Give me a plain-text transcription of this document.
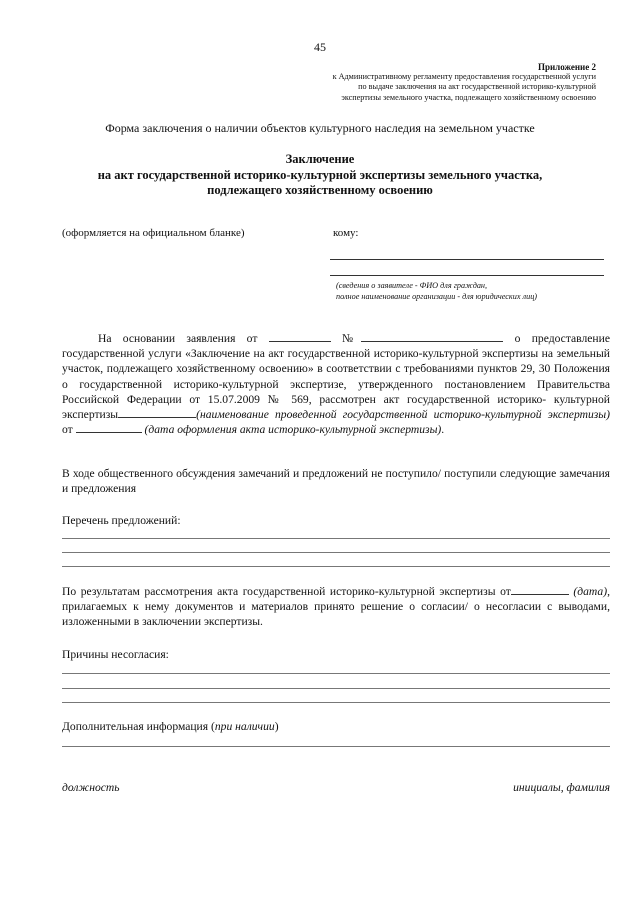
45
Приложение 2
к Административному регламенту предоставления государственной услуги
по выдаче заключения на акт государственной историко-культурной
экспертизы земельного участка, подлежащего хозяйственному освоению
Форма заключения о наличии объектов культурного наследия на земельном участке
Заключение
на акт государственной историко-культурной экспертизы земельного участка,
подлежащего хозяйственному освоению
(оформляется на официальном бланке)	кому:
(сведения о заявителе - ФИО для граждан,
полное наименование организации - для юридических лиц)
На основании заявления от	№	о предоставление государственной услуги «Заключение на акт государственной историко-культурной экспертизы на земельный участок, подлежащего хозяйственному освоению» в соответствии с требованиями пунктов 29, 30 Положения о государственной историко-культурной экспертизе, утвержденного постановлением Правительства Российской Федерации от 15.07.2009 № 569, рассмотрен акт государственной историко- культурной экспертизы	(наименование проведенной государственной историко-культурной экспертизы) от	(дата оформления акта историко-культурной экспертизы).
В ходе общественного обсуждения замечаний и предложений не поступило/ поступили следующие замечания и предложения
Перечень предложений:
По результатам рассмотрения акта государственной историко-культурной экспертизы от	(дата), прилагаемых к нему документов и материалов принято решение о согласии/ о несогласии с выводами, изложенными в заключении экспертизы.
Причины несогласия:
Дополнительная информация (при наличии)
должность	инициалы, фамилия
